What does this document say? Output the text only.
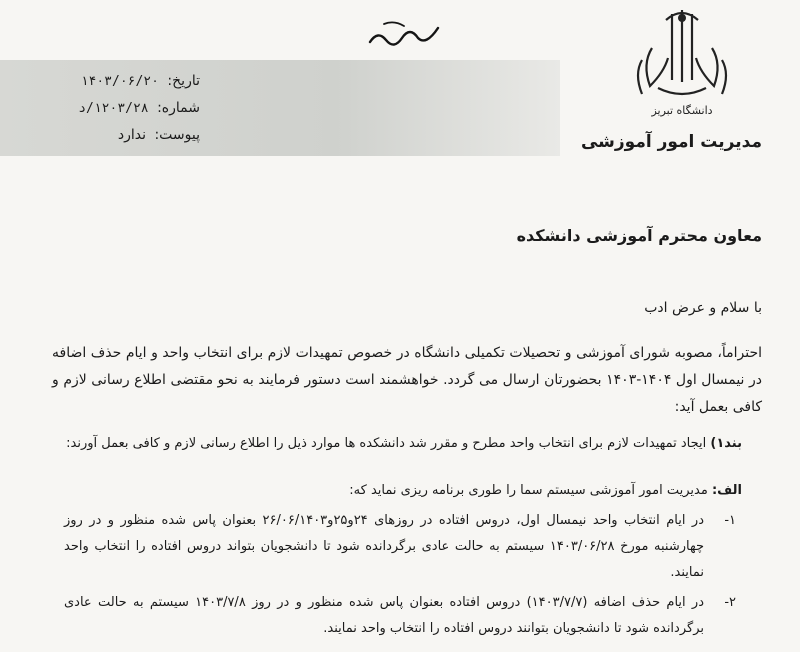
دانشگاه تبریز
مدیریت امور آموزشی
تاریخ: ۱۴۰۳/۰۶/۲۰
شماره: ۱۲۰۳/۲۸/د
پیوست: ندارد
معاون محترم آموزشی دانشکده
با سلام و عرض ادب
احتراماً، مصوبه شورای آموزشی و تحصیلات تکمیلی دانشگاه در خصوص تمهیدات لازم برای انتخاب واحد و ایام حذف اضافه در نیمسال اول ۱۴۰۴-۱۴۰۳ بحضورتان ارسال می گردد. خواهشمند است دستور فرمایند به نحو مقتضی اطلاع رسانی لازم و کافی بعمل آید:
بند۱) ایجاد تمهیدات لازم برای انتخاب واحد مطرح و مقرر شد دانشکده ها موارد ذیل را اطلاع رسانی لازم و کافی بعمل آورند:
الف: مدیریت امور آموزشی سیستم سما را طوری برنامه ریزی نماید که:
۱-
در ایام انتخاب واحد نیمسال اول، دروس افتاده در روزهای ۲۴و۲۵و۲۶/۰۶/۱۴۰۳ بعنوان پاس شده منظور و در روز چهارشنبه مورخ ۱۴۰۳/۰۶/۲۸ سیستم به حالت عادی برگردانده شود تا دانشجویان بتواند دروس افتاده را انتخاب واحد نمایند.
۲-
در ایام حذف اضافه (۱۴۰۳/۷/۷) دروس افتاده بعنوان پاس شده منظور و در روز ۱۴۰۳/۷/۸ سیستم به حالت عادی برگردانده شود تا دانشجویان بتوانند دروس افتاده را انتخاب واحد نمایند.
